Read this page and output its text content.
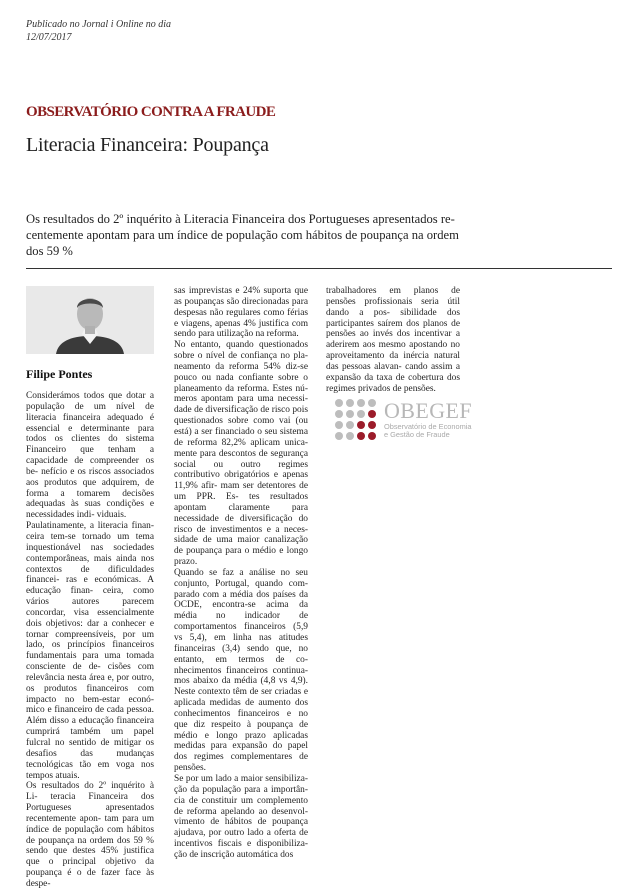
Publicado no Jornal i Online no dia
12/07/2017
OBSERVATÓRIO CONTRA A FRAUDE
Literacia Financeira: Poupança
Os resultados do 2º inquérito à Literacia Financeira dos Portugueses apresentados re- centemente apontam para um índice de população com hábitos de poupança na ordem dos 59 %
Filipe Pontes
Considerámos todos que dotar a população de um nível de literacia financeira adequado é essencial e determinante para todos os clientes do sistema Financeiro que tenham a capacidade de compreender os be- nefício e os riscos associados aos produtos que adquirem, de forma a tomarem decisões adequadas às suas condições e necessidades indi- viduais.
Paulatinamente, a literacia finan- ceira tem-se tornado um tema inquestionável nas sociedades contemporâneas, mais ainda nos contextos de dificuldades financei- ras e económicas. A educação finan- ceira, como vários autores parecem concordar, visa essencialmente dois objetivos: dar a conhecer e tornar compreensíveis, por um lado, os princípios financeiros fundamentais para uma tomada consciente de de- cisões com relevância nesta área e, por outro, os produtos financeiros com impacto no bem-estar econó- mico e financeiro de cada pessoa. Além disso a educação financeira cumprirá também um papel fulcral no sentido de mitigar os desafios das mudanças tecnológicas tão em voga nos tempos atuais.
Os resultados do 2º inquérito à Li- teracia Financeira dos Portugueses apresentados recentemente apon- tam para um índice de população com hábitos de poupança na ordem dos 59 % sendo que destes 45% justifica que o principal objetivo da poupança é o de fazer face às despe-
sas imprevistas e 24% suporta que as poupanças são direcionadas para despesas não regulares como férias e viagens, apenas 4% justifica com sendo para utilização na reforma.
No entanto, quando questionados sobre o nível de confiança no pla- neamento da reforma 54% diz-se pouco ou nada confiante sobre o planeamento da reforma. Estes nú- meros apontam para uma necessi- dade de diversificação de risco pois questionados sobre como vai (ou está) a ser financiado o seu sistema de reforma 82,2% aplicam unica- mente para descontos de segurança social ou outro regimes contributivo obrigatórios e apenas 11,9% afir- mam ser detentores de um PPR. Es- tes resultados apontam claramente para necessidade de diversificação do risco de investimentos e a neces- sidade de uma maior canalização de poupança para o médio e longo prazo.
Quando se faz a análise no seu conjunto, Portugal, quando com- parado com a média dos países da OCDE, encontra-se acima da média no indicador de comportamentos financeiros (5,9 vs 5,4), em linha nas atitudes financeiras (3,4) sendo que, no entanto, em termos de co- nhecimentos financeiros continua- mos abaixo da média (4,8 vs 4,9). Neste contexto têm de ser criadas e aplicada medidas de aumento dos conhecimentos financeiros e no que diz respeito à poupança de médio e longo prazo aplicadas medidas para expansão do papel dos regimes complementares de pensões.
Se por um lado a maior sensibiliza- ção da população para a importân- cia de constituir um complemento de reforma apelando ao desenvol- vimento de hábitos de poupança ajudava, por outro lado a oferta de incentivos fiscais e disponibiliza- ção de inscrição automática dos
trabalhadores em planos de pensões profissionais seria útil dando a pos- sibilidade dos participantes saírem dos planos de pensões ao invés dos incentivar a aderirem aos mesmo apostando no aproveitamento da inércia natural das pessoas alavan- cando assim a expansão da taxa de cobertura dos regimes privados de pensões.
OBEGEF
Observatório de Economia
e Gestão de Fraude
